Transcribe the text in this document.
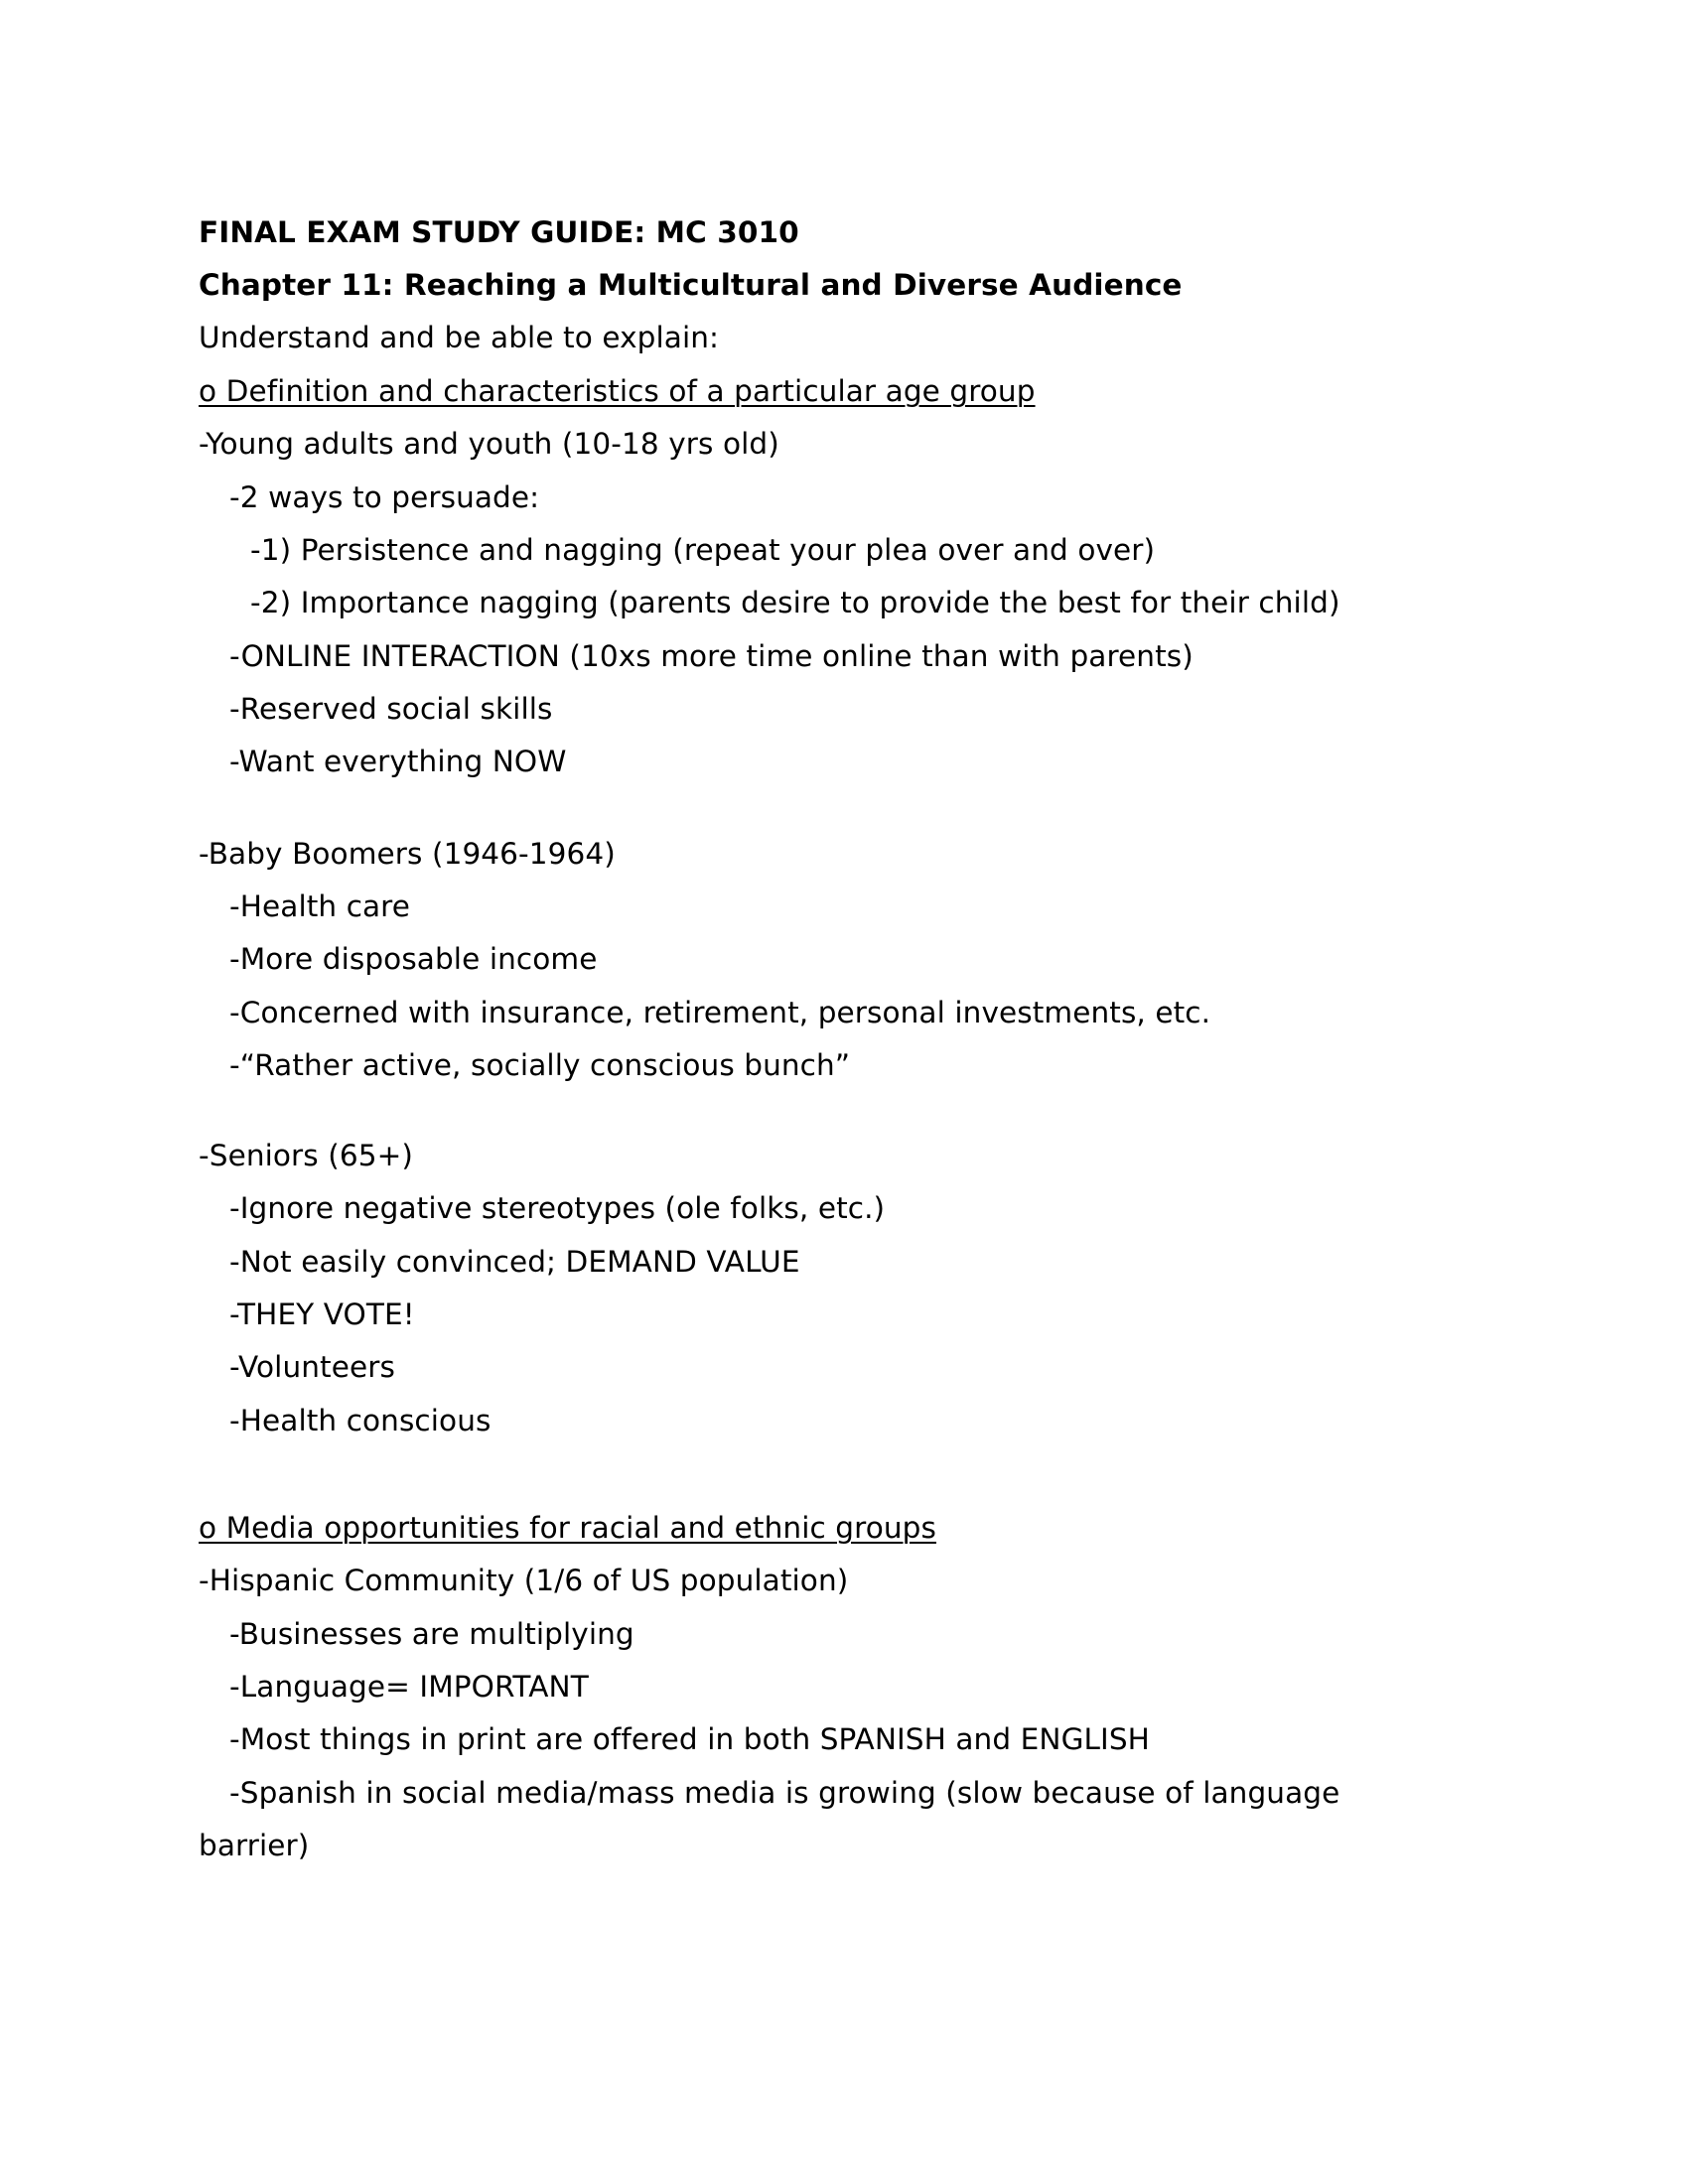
FINAL EXAM STUDY GUIDE: MC 3010
Chapter 11: Reaching a Multicultural and Diverse Audience
Understand and be able to explain:
o Definition and characteristics of a particular age group
-Young adults and youth (10-18 yrs old)
-2 ways to persuade:
-1) Persistence and nagging (repeat your plea over and over)
-2) Importance nagging (parents desire to provide the best for their child)
-ONLINE INTERACTION (10xs more time online than with parents)
-Reserved social skills
-Want everything NOW
-Baby Boomers (1946-1964)
-Health care
-More disposable income
-Concerned with insurance, retirement, personal investments, etc.
-“Rather active, socially conscious bunch”
-Seniors (65+)
-Ignore negative stereotypes (ole folks, etc.)
-Not easily convinced; DEMAND VALUE
-THEY VOTE!
-Volunteers
-Health conscious
o Media opportunities for racial and ethnic groups
-Hispanic Community (1/6 of US population)
-Businesses are multiplying
-Language= IMPORTANT
-Most things in print are offered in both SPANISH and ENGLISH
-Spanish in social media/mass media is growing (slow because of language
barrier)
